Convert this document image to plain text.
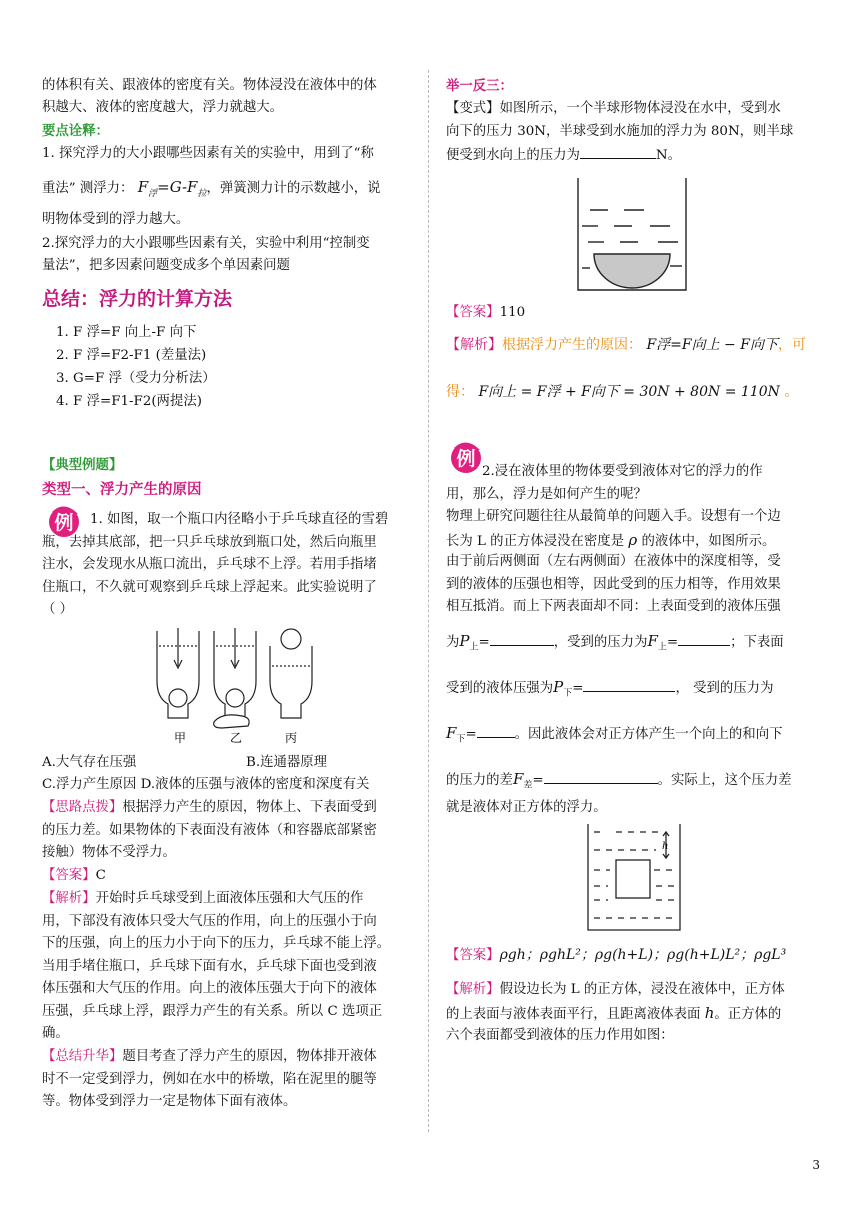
的体积有关、跟液体的密度有关。物体浸没在液体中的体
积越大、液体的密度越大，浮力就越大。
要点诠释：
1. 探究浮力的大小跟哪些因素有关的实验中，用到了“称
重法” 测浮力： $F_浮=G-F_拉$，弹簧测力计的示数越小，说
明物体受到的浮力越大。
2.探究浮力的大小跟哪些因素有关，实验中利用“控制变
量法”，把多因素问题变成多个单因素问题
总结：浮力的计算方法
1. F 浮=F 向上-F 向下
2. F 浮=F2-F1 (差量法)
3. G=F 浮（受力分析法）
4. F 浮=F1-F2(两提法)
【典型例题】
类型一、浮力产生的原因
例 1. 如图，取一个瓶口内径略小于乒乓球直径的雪碧
瓶，去掉其底部，把一只乒乓球放到瓶口处，然后向瓶里
注水，会发现水从瓶口流出，乒乓球不上浮。若用手指堵
住瓶口，不久就可观察到乒乓球上浮起来。此实验说明了
（ ）
甲	乙	丙
A.大气存在压强	B.连通器原理
C.浮力产生原因 D.液体的压强与液体的密度和深度有关
【思路点拨】根据浮力产生的原因，物体上、下表面受到
的压力差。如果物体的下表面没有液体（和容器底部紧密
接触）物体不受浮力。
【答案】C
【解析】开始时乒乓球受到上面液体压强和大气压的作
用，下部没有液体只受大气压的作用，向上的压强小于向
下的压强，向上的压力小于向下的压力，乒乓球不能上浮。
当用手堵住瓶口，乒乓球下面有水，乒乓球下面也受到液
体压强和大气压的作用。向上的液体压强大于向下的液体
压强，乒乓球上浮，跟浮力产生的有关系。所以 C 选项正
确。
【总结升华】题目考查了浮力产生的原因，物体排开液体
时不一定受到浮力，例如在水中的桥墩，陷在泥里的腿等
等。物体受到浮力一定是物体下面有液体。
举一反三：
【变式】如图所示，一个半球形物体浸没在水中，受到水
向下的压力 30N，半球受到水施加的浮力为 80N，则半球
便受到水向上的压力为	N。
【答案】110
【解析】根据浮力产生的原因： F浮=F向上 − F向下，可
得： F向上 = F浮 + F向下 = 30N + 80N = 110N 。
例
2.浸在液体里的物体要受到液体对它的浮力的作
用，那么，浮力是如何产生的呢？
物理上研究问题往往从最简单的问题入手。设想有一个边
长为 L 的正方体浸没在密度是 ρ 的液体中，如图所示。
由于前后两侧面（左右两侧面）在液体中的深度相等，受
到的液体的压强也相等，因此受到的压力相等，作用效果
相互抵消。而上下两表面却不同：上表面受到的液体压强
为$P_上=$	，受到的压力为$F_上=$	；下表面
受到的液体压强为$P_下=$	， 受到的压力为
$F_下=$	。因此液体会对正方体产生一个向上的和向下
的压力的差$F_差=$	。实际上，这个压力差
就是液体对正方体的浮力。
h
【答案】ρgh；ρghL²；ρg(h+L)；ρg(h+L)L²；ρgL³
【解析】假设边长为 L 的正方体，浸没在液体中，正方体
的上表面与液体表面平行，且距离液体表面 h。正方体的
六个表面都受到液体的压力作用如图：
3
